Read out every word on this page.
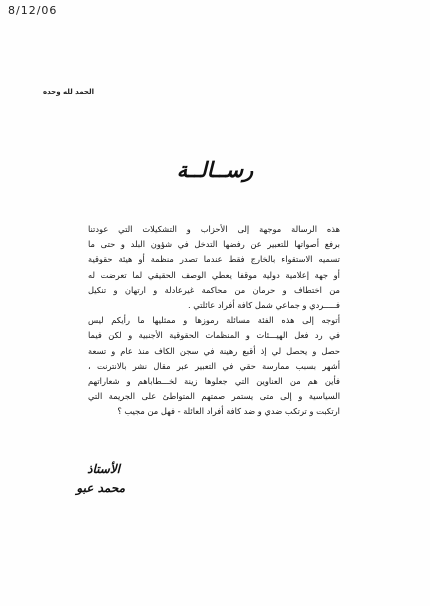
8/12/06
الحمد لله وحده
رســالــة

هذه الرسالة موجهة إلى الأحزاب و التشكيلات التي عودتنا
برفع أصواتها للتعبير عن رفضها التدخل في شؤون البلد و حتى ما
تسميه الاستقواء بالخارج فقط عندما تصدر منظمة أو هيئة حقوقية
أو جهة إعلامية دولية موقفا يعطي الوصف الحقيقي لما تعرضت له
من اختطاف و حرمان من محاكمة غيرعادلة و ارتهان و تنكيل
فـــــردي و جماعي شمل كافة أفراد عائلتي .

أتوجه إلى هذه الفئة مسائلة رموزها و ممثليها ما رأيكم ليس
في رد فعل الهيـــئات و المنظمات الحقوقية الأجنبية و لكن فيما
حصل و يحصل لي إذ أقبع رهينة في سجن الكاف منذ عام و تسعة
أشهر بسبب ممارسة حقي في التعبير عبر مقال نشر بالانترنت ،
فأين هم من العناوين التي جعلوها زينة لخـــطاباهم و شعاراتهم
السياسية و إلى متى يستمر صمتهم المتواطئ على الجريمة التي
ارتكبت و ترتكب ضدي و ضد كافة أفراد العائلة - فهل من مجيب ؟

الأستاذ
محمد عبو
